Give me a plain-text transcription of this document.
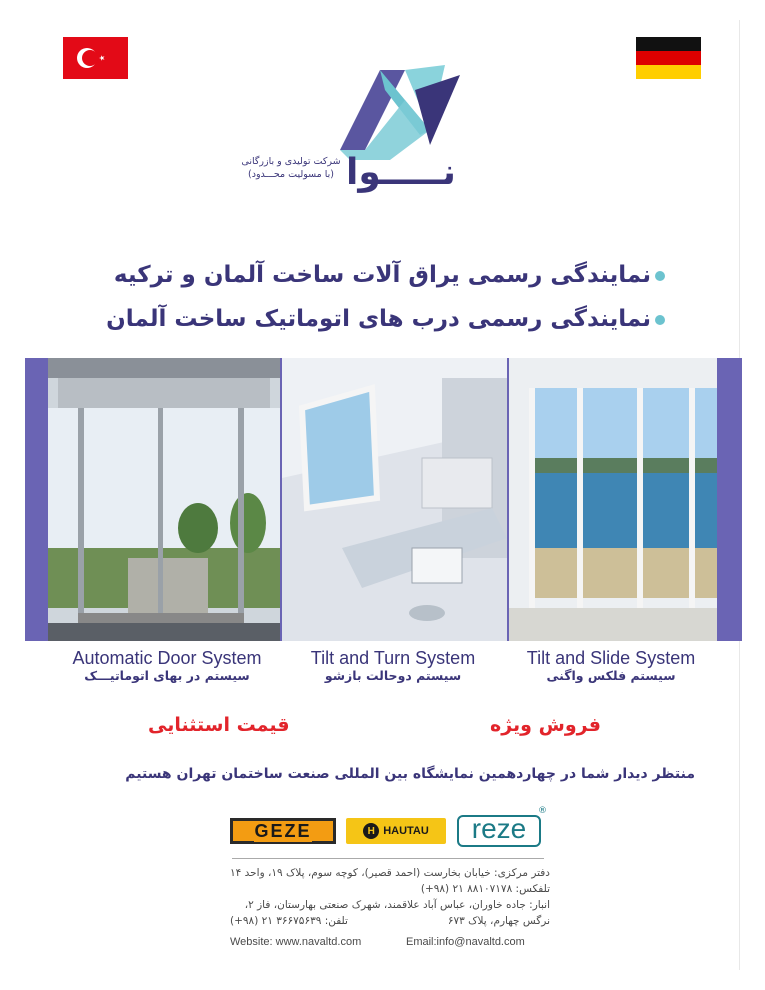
نـــــوا
شرکت تولیدی و بازرگانی
(با مسولیت محـــدود)
نمایندگی رسمی یراق آلات ساخت آلمان و ترکیه
نمایندگی رسمی درب های اتوماتیک ساخت آلمان
Automatic Door System
سیستم در بهای اتوماتیـــک
Tilt and Turn System
سیستم دوحالت بازشو
Tilt and Slide System
سیستم فلکس واگنی
قیمت استثنایی	فروش ویژه
منتظر دیدار شما در چهاردهمین نمایشگاه بین المللی صنعت ساختمان تهران هستیم
GEZE	H HAUTAU reze
®
دفتر مرکزی: خیابان بخارست (احمد قصیر)، کوچه سوم، پلاک ۱۹، واحد ۱۴
تلفکس: ۸۸۱۰۷۱۷۸ ۲۱ (۹۸+)
انبار: جاده خاوران، عباس آباد علاقمند، شهرک صنعتی بهارستان، فاز ۲،
نرگس چهارم، پلاک ۶۷۳
تلفن: ۳۶۶۷۵۶۳۹ ۲۱ (۹۸+)
Website: www.navaltd.com	Email:info@navaltd.com
